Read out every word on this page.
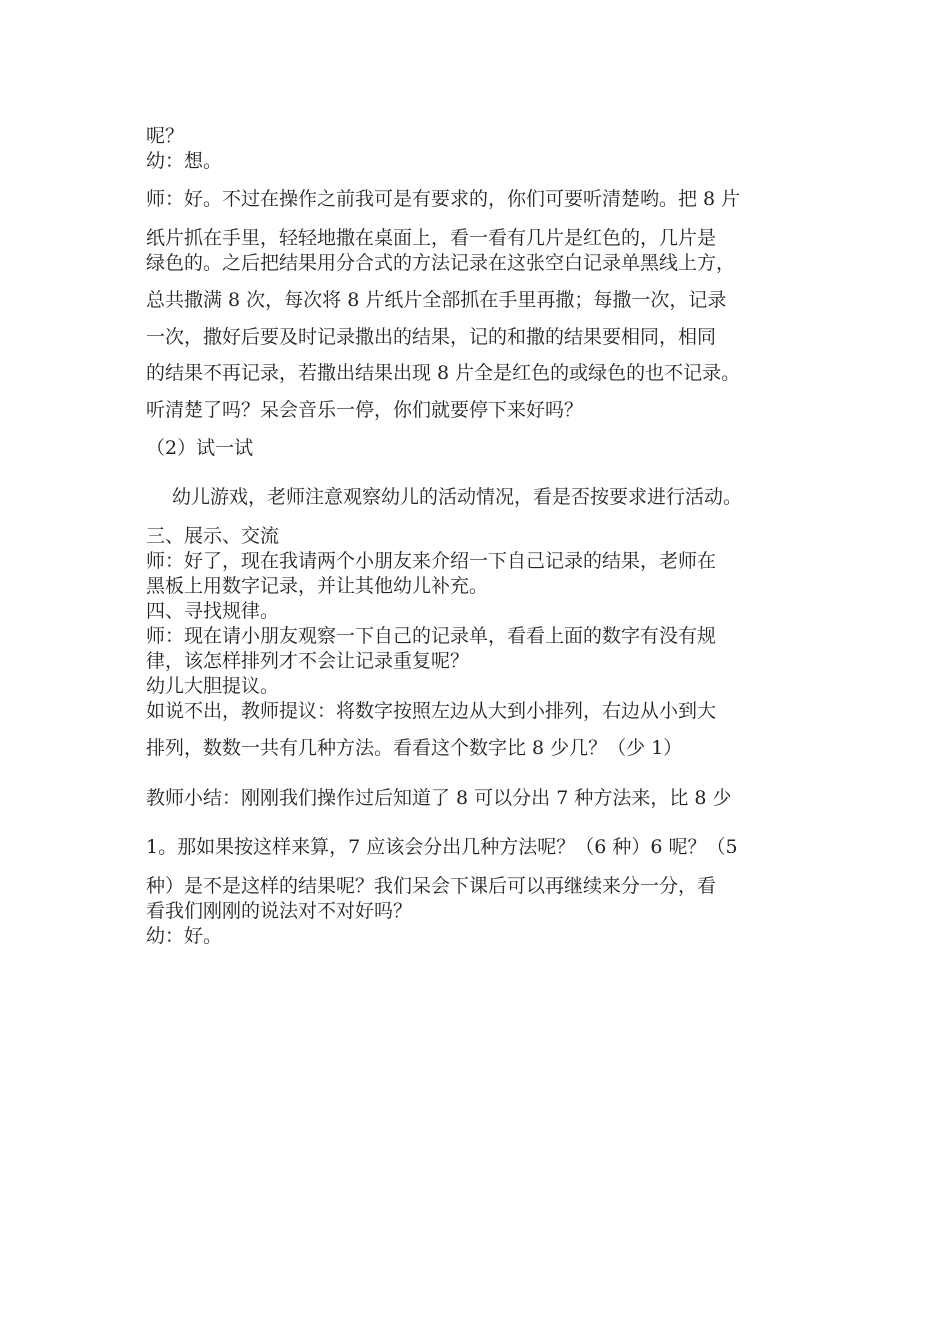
呢？
幼：想。
师：好。不过在操作之前我可是有要求的，你们可要听清楚哟。把 8 片
纸片抓在手里，轻轻地撒在桌面上，看一看有几片是红色的，几片是
绿色的。之后把结果用分合式的方法记录在这张空白记录单黑线上方，
总共撒满 8 次，每次将 8 片纸片全部抓在手里再撒；每撒一次，记录
一次，撒好后要及时记录撒出的结果，记的和撒的结果要相同，相同
的结果不再记录，若撒出结果出现 8 片全是红色的或绿色的也不记录。
听清楚了吗？呆会音乐一停，你们就要停下来好吗？
（2）试一试
幼儿游戏，老师注意观察幼儿的活动情况，看是否按要求进行活动。
三、展示、交流
师：好了，现在我请两个小朋友来介绍一下自己记录的结果，老师在
黑板上用数字记录，并让其他幼儿补充。
四、寻找规律。
师：现在请小朋友观察一下自己的记录单，看看上面的数字有没有规
律，该怎样排列才不会让记录重复呢？
幼儿大胆提议。
如说不出，教师提议：将数字按照左边从大到小排列，右边从小到大
排列，数数一共有几种方法。看看这个数字比 8 少几？（少 1）
教师小结：刚刚我们操作过后知道了 8 可以分出 7 种方法来，比 8 少
1。那如果按这样来算，7 应该会分出几种方法呢？（6 种）6 呢？（5
种）是不是这样的结果呢？我们呆会下课后可以再继续来分一分，看
看我们刚刚的说法对不对好吗？
幼：好。
